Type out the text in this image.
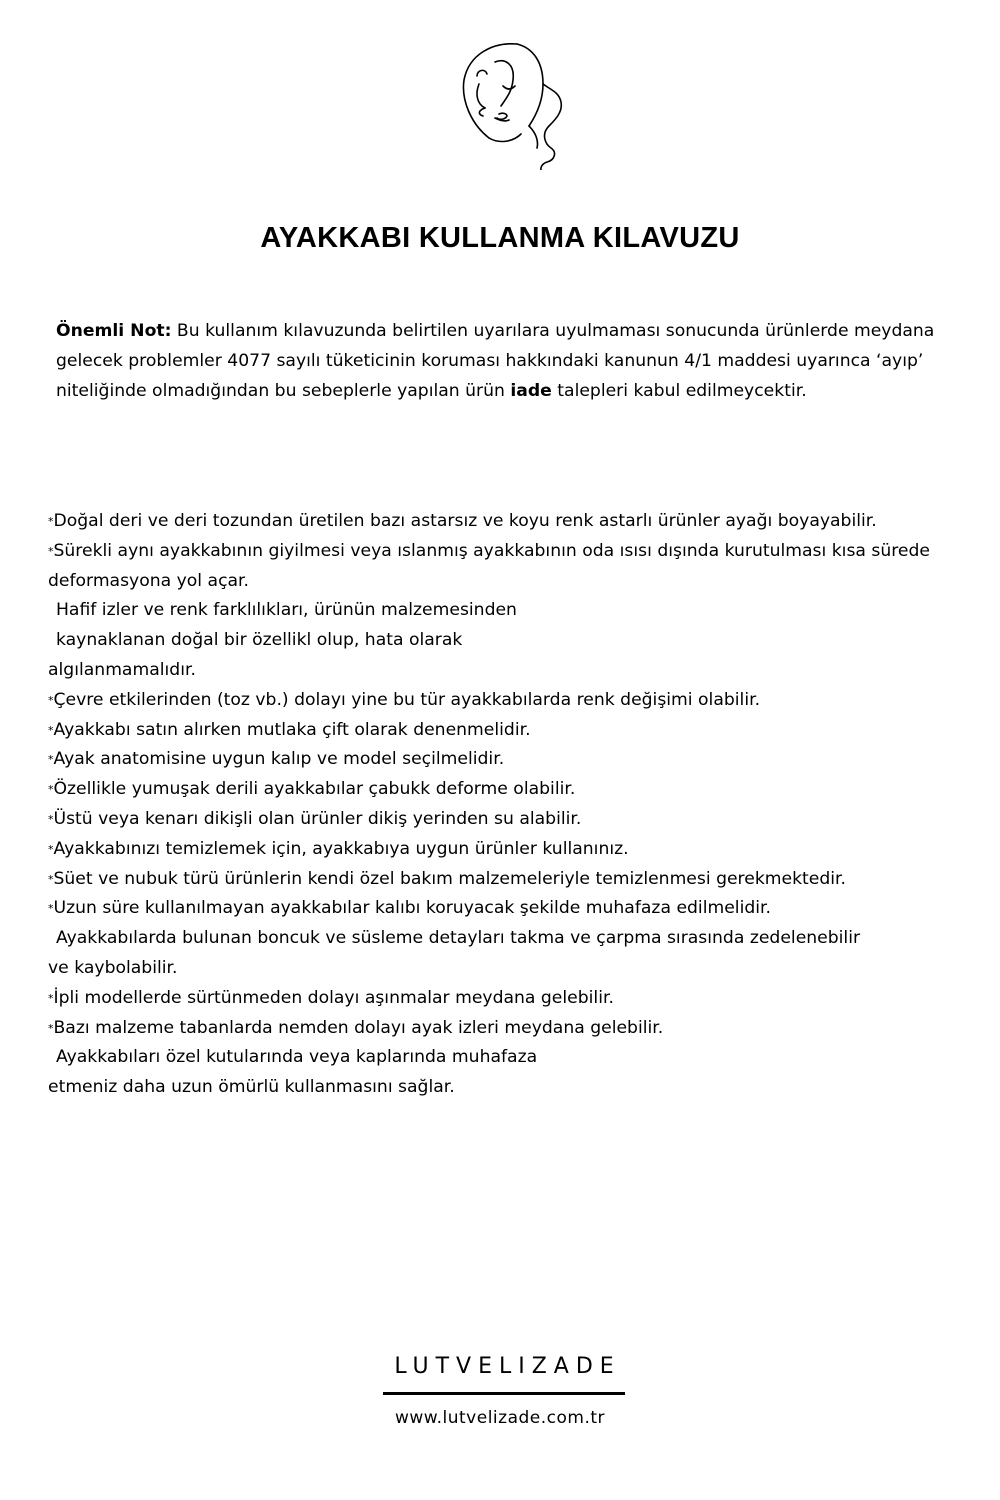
AYAKKABI KULLANMA KILAVUZU

Önemli Not: Bu kullanım kılavuzunda belirtilen uyarılara uyulmaması sonucunda ürünlerde meydana gelecek problemler 4077 sayılı tüketicinin koruması hakkındaki kanunun 4/1 maddesi uyarınca ‘ayıp’ niteliğinde olmadığından bu sebeplerle yapılan ürün iade talepleri kabul edilmeycektir.

*Doğal deri ve deri tozundan üretilen bazı astarsız ve koyu renk astarlı ürünler ayağı boyayabilir.
*Sürekli aynı ayakkabının giyilmesi veya ıslanmış ayakkabının oda ısısı dışında kurutulması kısa sürede
deformasyona yol açar.
Hafif izler ve renk farklılıkları, ürünün malzemesinden
kaynaklanan doğal bir özellikl olup, hata olarak
algılanmamalıdır.
*Çevre etkilerinden (toz vb.) dolayı yine bu tür ayakkabılarda renk değişimi olabilir.
*Ayakkabı satın alırken mutlaka çift olarak denenmelidir.
*Ayak anatomisine uygun kalıp ve model seçilmelidir.
*Özellikle yumuşak derili ayakkabılar çabukk deforme olabilir.
*Üstü veya kenarı dikişli olan ürünler dikiş yerinden su alabilir.
*Ayakkabınızı temizlemek için, ayakkabıya uygun ürünler kullanınız.
*Süet ve nubuk türü ürünlerin kendi özel bakım malzemeleriyle temizlenmesi gerekmektedir.
*Uzun süre kullanılmayan ayakkabılar kalıbı koruyacak şekilde muhafaza edilmelidir.
Ayakkabılarda bulunan boncuk ve süsleme detayları takma ve çarpma sırasında zedelenebilir
ve kaybolabilir.
*İpli modellerde sürtünmeden dolayı aşınmalar meydana gelebilir.
*Bazı malzeme tabanlarda nemden dolayı ayak izleri meydana gelebilir.
Ayakkabıları özel kutularında veya kaplarında muhafaza
etmeniz daha uzun ömürlü kullanmasını sağlar.
LUTVELIZADE
www.lutvelizade.com.tr
